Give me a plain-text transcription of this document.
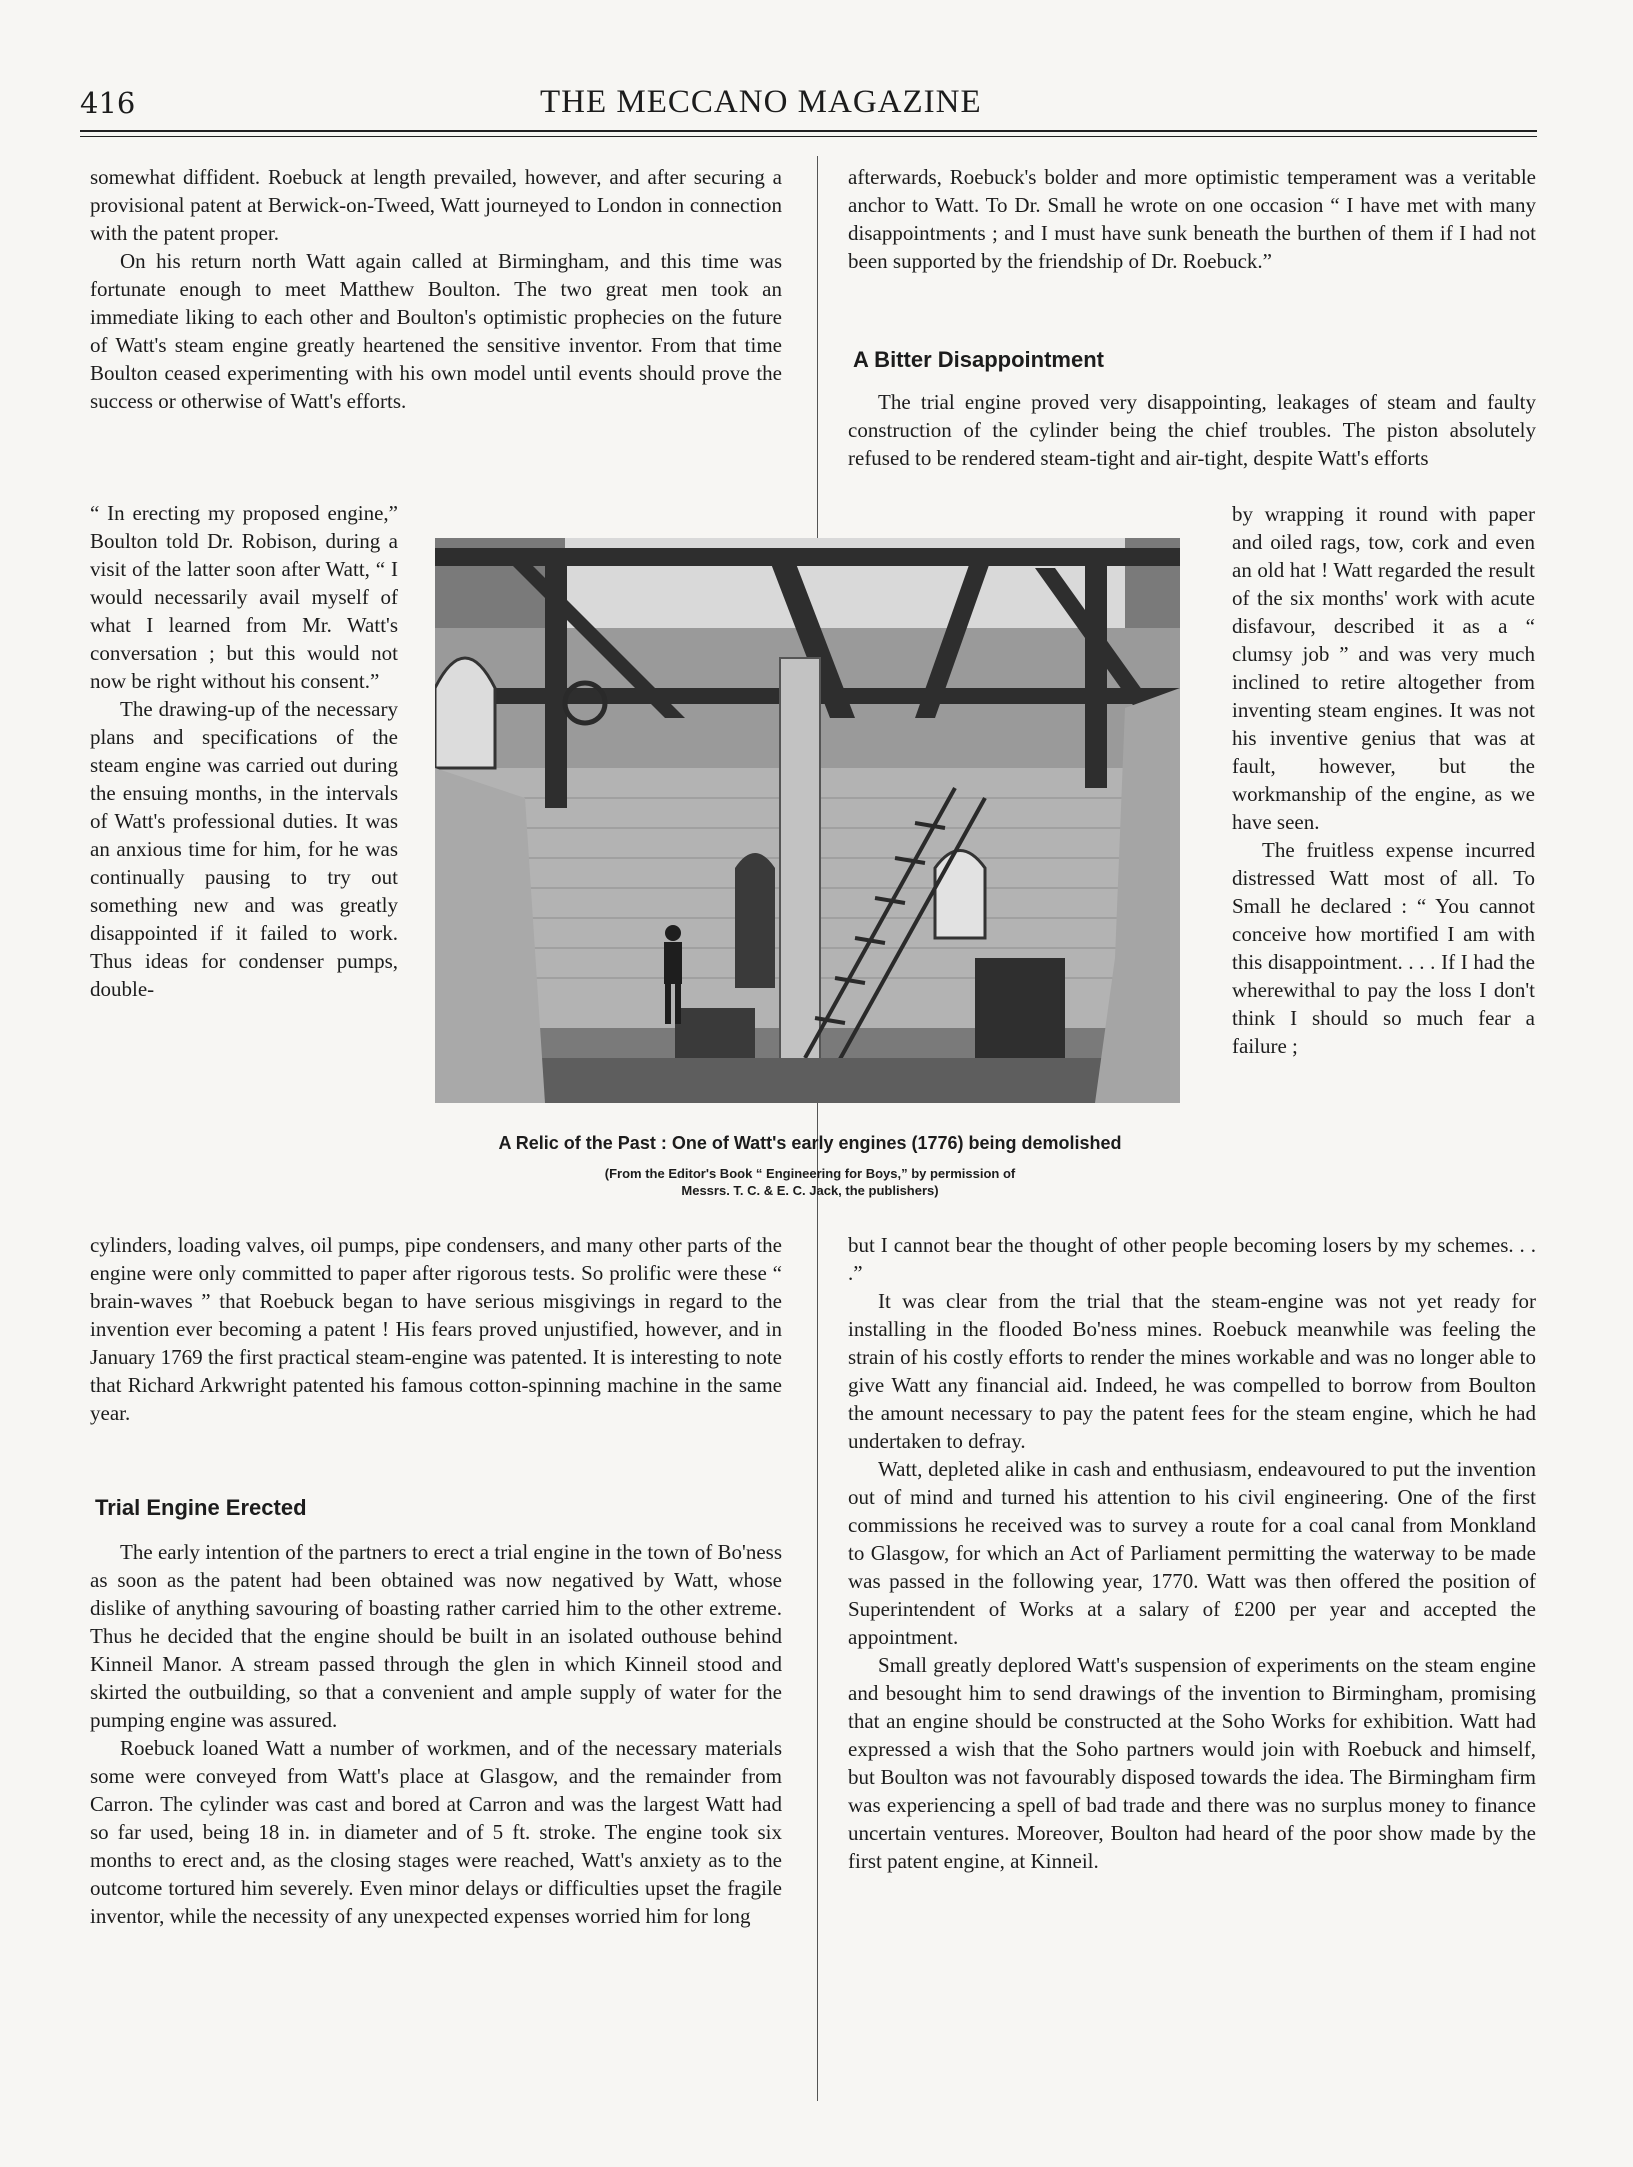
416	THE MECCANO MAGAZINE

somewhat diffident. Roebuck at length prevailed, however, and after securing a provisional patent at Berwick-on-Tweed, Watt journeyed to London in connection with the patent proper.

On his return north Watt again called at Birmingham, and this time was fortunate enough to meet Matthew Boulton. The two great men took an immediate liking to each other and Boulton's optimistic prophecies on the future of Watt's steam engine greatly heartened the sensitive inventor. From that time Boulton ceased experimenting with his own model until events should prove the success or otherwise of Watt's efforts.

“ In erecting my proposed engine,” Boulton told Dr. Robison, during a visit of the latter soon after Watt, “ I would necessarily avail myself of what I learned from Mr. Watt's conversation ; but this would not now be right without his consent.”

The drawing-up of the necessary plans and specifications of the steam engine was carried out during the ensuing months, in the intervals of Watt's professional duties. It was an anxious time for him, for he was continually pausing to try out something new and was greatly disappointed if it failed to work. Thus ideas for condenser pumps, double-

cylinders, loading valves, oil pumps, pipe condensers, and many other parts of the engine were only committed to paper after rigorous tests. So prolific were these “ brain-waves ” that Roebuck began to have serious misgivings in regard to the invention ever becoming a patent ! His fears proved unjustified, however, and in January 1769 the first practical steam-engine was patented. It is interesting to note that Richard Arkwright patented his famous cotton-spinning machine in the same year.

Trial Engine Erected

The early intention of the partners to erect a trial engine in the town of Bo'ness as soon as the patent had been obtained was now negatived by Watt, whose dislike of anything savouring of boasting rather carried him to the other extreme. Thus he decided that the engine should be built in an isolated outhouse behind Kinneil Manor. A stream passed through the glen in which Kinneil stood and skirted the outbuilding, so that a convenient and ample supply of water for the pumping engine was assured.

Roebuck loaned Watt a number of workmen, and of the necessary materials some were conveyed from Watt's place at Glasgow, and the remainder from Carron. The cylinder was cast and bored at Carron and was the largest Watt had so far used, being 18 in. in diameter and of 5 ft. stroke. The engine took six months to erect and, as the closing stages were reached, Watt's anxiety as to the outcome tortured him severely. Even minor delays or difficulties upset the fragile inventor, while the necessity of any unexpected expenses worried him for long

afterwards, Roebuck's bolder and more optimistic temperament was a veritable anchor to Watt. To Dr. Small he wrote on one occasion “ I have met with many disappointments ; and I must have sunk beneath the burthen of them if I had not been supported by the friendship of Dr. Roebuck.”

A Bitter Disappointment

The trial engine proved very disappointing, leakages of steam and faulty construction of the cylinder being the chief troubles. The piston absolutely refused to be rendered steam-tight and air-tight, despite Watt's efforts

by wrapping it round with paper and oiled rags, tow, cork and even an old hat ! Watt regarded the result of the six months' work with acute disfavour, described it as a “ clumsy job ” and was very much inclined to retire altogether from inventing steam engines. It was not his inventive genius that was at fault, however, but the workmanship of the engine, as we have seen.

The fruitless expense incurred distressed Watt most of all. To Small he declared : “ You cannot conceive how mortified I am with this disappointment. . . . If I had the wherewithal to pay the loss I don't think I should so much fear a failure ;

but I cannot bear the thought of other people becoming losers by my schemes. . . .”

It was clear from the trial that the steam-engine was not yet ready for installing in the flooded Bo'ness mines. Roebuck meanwhile was feeling the strain of his costly efforts to render the mines workable and was no longer able to give Watt any financial aid. Indeed, he was compelled to borrow from Boulton the amount necessary to pay the patent fees for the steam engine, which he had undertaken to defray.

Watt, depleted alike in cash and enthusiasm, endeavoured to put the invention out of mind and turned his attention to his civil engineering. One of the first commissions he received was to survey a route for a coal canal from Monkland to Glasgow, for which an Act of Parliament permitting the waterway to be made was passed in the following year, 1770. Watt was then offered the position of Superintendent of Works at a salary of £200 per year and accepted the appointment.

Small greatly deplored Watt's suspension of experiments on the steam engine and besought him to send drawings of the invention to Birmingham, promising that an engine should be constructed at the Soho Works for exhibition. Watt had expressed a wish that the Soho partners would join with Roebuck and himself, but Boulton was not favourably disposed towards the idea. The Birmingham firm was experiencing a spell of bad trade and there was no surplus money to finance uncertain ventures. Moreover, Boulton had heard of the poor show made by the first patent engine, at Kinneil.

A Relic of the Past : One of Watt's early engines (1776) being demolished
(From the Editor's Book “ Engineering for Boys,” by permission of
Messrs. T. C. & E. C. Jack, the publishers)
